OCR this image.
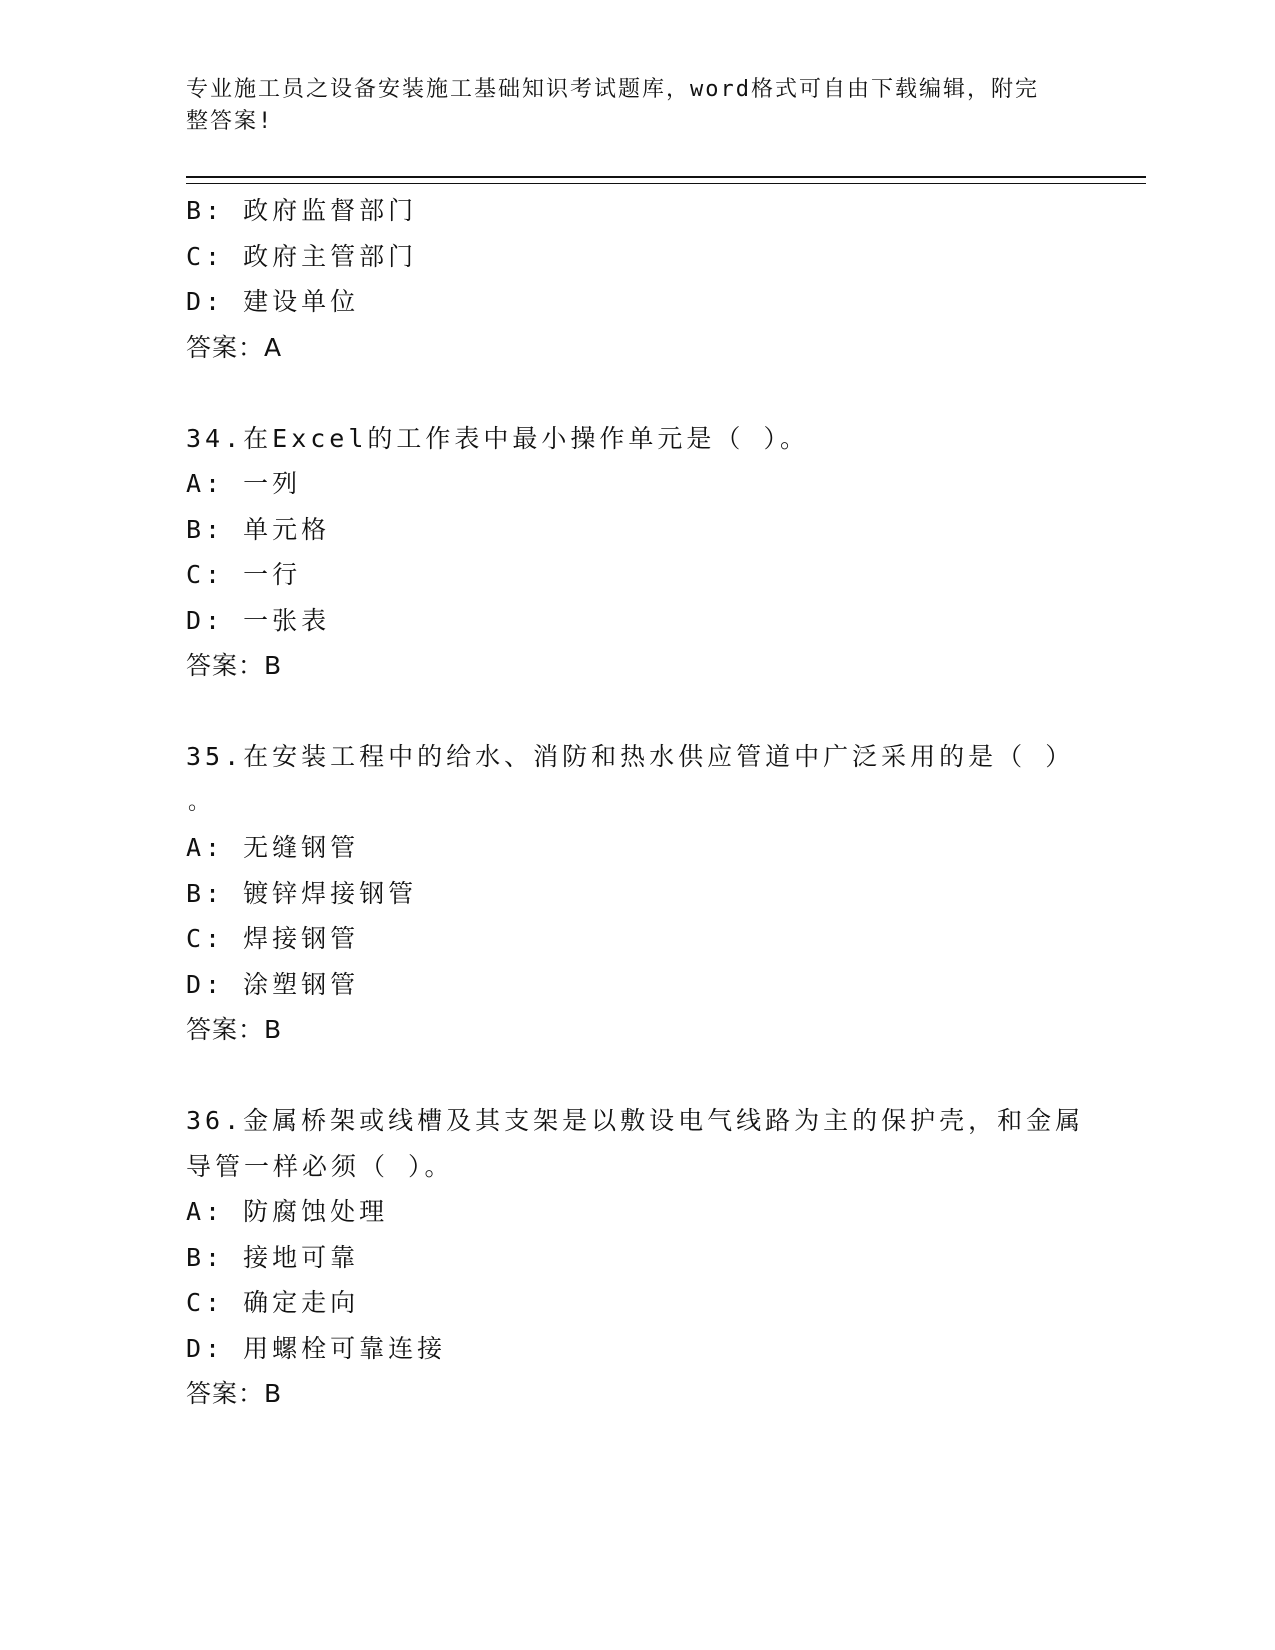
专业施工员之设备安装施工基础知识考试题库，word格式可自由下载编辑，附完
整答案!
B: 政府监督部门
C: 政府主管部门
D: 建设单位
答案：A
34.在Excel的工作表中最小操作单元是（ ）。
A: 一列
B: 单元格
C: 一行
D: 一张表
答案：B
35.在安装工程中的给水、消防和热水供应管道中广泛采用的是（ ）
。
A: 无缝钢管
B: 镀锌焊接钢管
C: 焊接钢管
D: 涂塑钢管
答案：B
36.金属桥架或线槽及其支架是以敷设电气线路为主的保护壳，和金属
导管一样必须（ ）。
A: 防腐蚀处理
B: 接地可靠
C: 确定走向
D: 用螺栓可靠连接
答案：B
